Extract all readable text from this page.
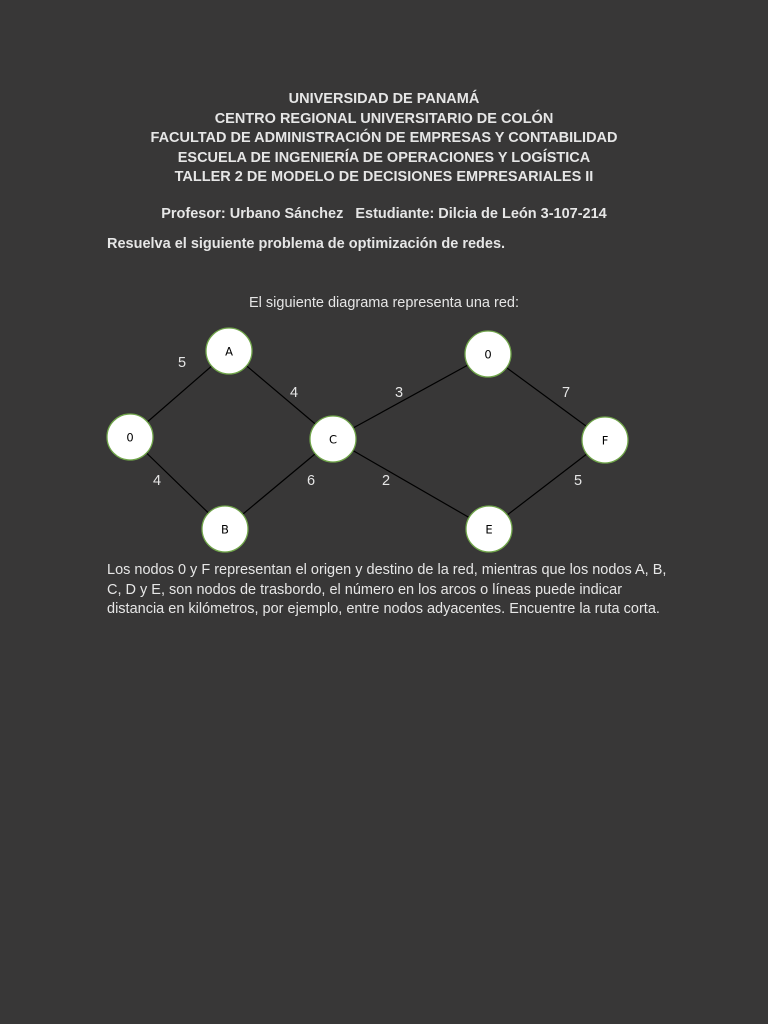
UNIVERSIDAD DE PANAMÁ
CENTRO REGIONAL UNIVERSITARIO DE COLÓN
FACULTAD DE ADMINISTRACIÓN DE EMPRESAS Y CONTABILIDAD
ESCUELA DE INGENIERÍA DE OPERACIONES Y LOGÍSTICA
TALLER 2 DE MODELO DE DECISIONES EMPRESARIALES II
Profesor: Urbano Sánchez Estudiante: Dilcia de León 3-107-214
Resuelva el siguiente problema de optimización de redes.
El siguiente diagrama representa una red:
5
4
4
6
3
2
7
5
0
A
B
C
0
E
F
Los nodos 0 y F representan el origen y destino de la red, mientras que los nodos A, B, C, D y E, son nodos de trasbordo, el número en los arcos o líneas puede indicar distancia en kilómetros, por ejemplo, entre nodos adyacentes. Encuentre la ruta corta.
